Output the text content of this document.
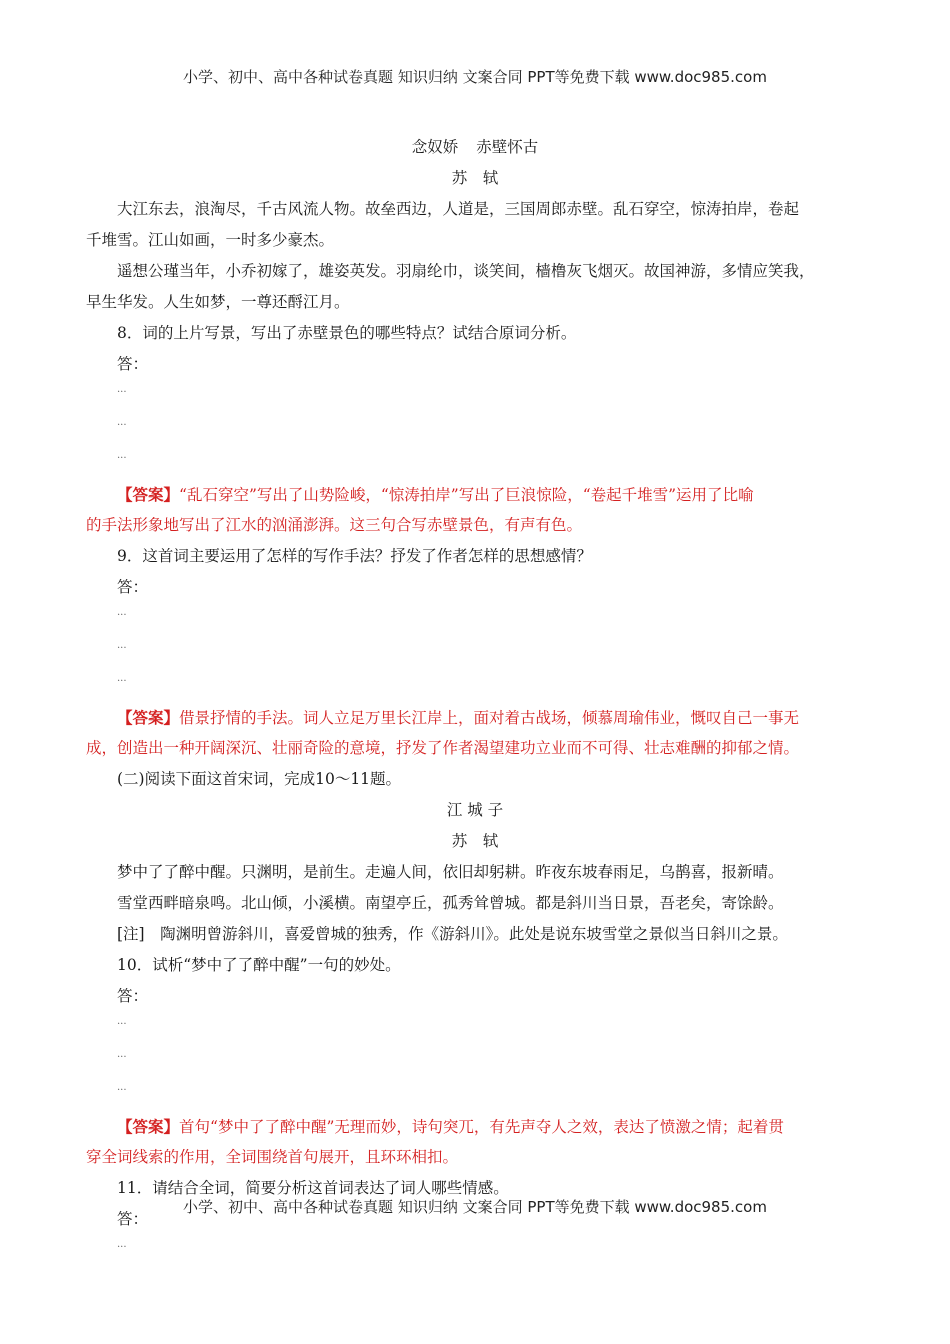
小学、初中、高中各种试卷真题 知识归纳 文案合同 PPT等免费下载 www.doc985.com
念奴娇 赤壁怀古
苏　轼
大江东去，浪淘尽，千古风流人物。故垒西边，人道是，三国周郎赤壁。乱石穿空，惊涛拍岸，卷起
千堆雪。江山如画，一时多少豪杰。
遥想公瑾当年，小乔初嫁了，雄姿英发。羽扇纶巾，谈笑间，樯橹灰飞烟灭。故国神游，多情应笑我，
早生华发。人生如梦，一尊还酹江月。
8．词的上片写景，写出了赤壁景色的哪些特点？试结合原词分析。
答：
...
...
...
【答案】“乱石穿空”写出了山势险峻，“惊涛拍岸”写出了巨浪惊险，“卷起千堆雪”运用了比喻
的手法形象地写出了江水的汹涌澎湃。这三句合写赤壁景色，有声有色。
9．这首词主要运用了怎样的写作手法？抒发了作者怎样的思想感情？
答：
...
...
...
【答案】借景抒情的手法。词人立足万里长江岸上，面对着古战场，倾慕周瑜伟业，慨叹自己一事无
成，创造出一种开阔深沉、壮丽奇险的意境，抒发了作者渴望建功立业而不可得、壮志难酬的抑郁之情。
(二)阅读下面这首宋词，完成10～11题。
江 城 子
苏　轼
梦中了了醉中醒。只渊明，是前生。走遍人间，依旧却躬耕。昨夜东坡春雨足，乌鹊喜，报新晴。
雪堂西畔暗泉鸣。北山倾，小溪横。南望亭丘，孤秀耸曾城。都是斜川当日景，吾老矣，寄馀龄。
[注]　陶渊明曾游斜川，喜爱曾城的独秀，作《游斜川》。此处是说东坡雪堂之景似当日斜川之景。
10．试析“梦中了了醉中醒”一句的妙处。
答：
...
...
...
【答案】首句“梦中了了醉中醒”无理而妙，诗句突兀，有先声夺人之效，表达了愤激之情；起着贯
穿全词线索的作用，全词围绕首句展开，且环环相扣。
11．请结合全词，简要分析这首词表达了词人哪些情感。
答：
...
小学、初中、高中各种试卷真题 知识归纳 文案合同 PPT等免费下载 www.doc985.com
